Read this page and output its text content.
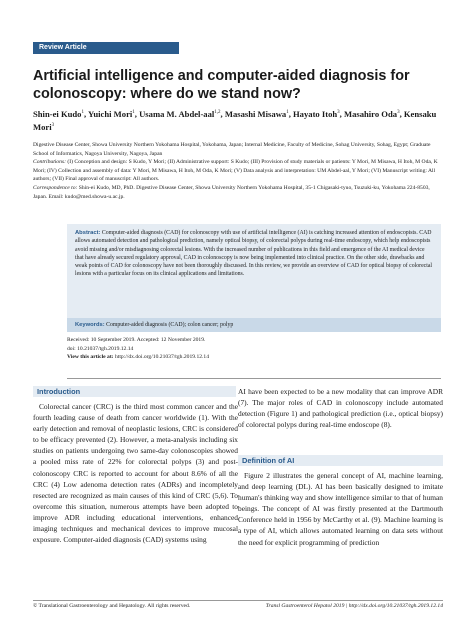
Review Article
Artificial intelligence and computer-aided diagnosis for colonoscopy: where do we stand now?
Shin-ei Kudo$^1$, Yuichi Mori$^1$, Usama M. Abdel-aal$^{1,2}$, Masashi Misawa$^1$, Hayato Itoh$^3$, Masahiro Oda$^3$, Kensaku Mori$^3$

Digestive Disease Center, Showa University Northern Yokohama Hospital, Yokohama, Japan; Internal Medicine, Faculty of Medicine, Sohag University, Sohag, Egypt; Graduate School of Informatics, Nagoya University, Nagoya, Japan

Contributions: (I) Conception and design: S Kudo, Y Mori; (II) Administrative support: S Kudo; (III) Provision of study materials or patients: Y Mori, M Misawa, H Itoh, M Oda, K Mori; (IV) Collection and assembly of data: Y Mori, M Misawa, H Itoh, M Oda, K Mori; (V) Data analysis and interpretation: UM Abdel-aal, Y Mori; (VI) Manuscript writing: All authors; (VII) Final approval of manuscript: All authors.

Correspondence to: Shin-ei Kudo, MD, PhD. Digestive Disease Center, Showa University Northern Yokohama Hospital, 35-1 Chigasaki-tyuo, Tsuzuki-ku, Yokohama 224-8503, Japan. Email: kudo@med.showa-u.ac.jp.

Abstract: Computer-aided diagnosis (CAD) for colonoscopy with use of artificial intelligence (AI) is catching increased attention of endoscopists. CAD allows automated detection and pathological prediction, namely optical biopsy, of colorectal polyps during real-time endoscopy, which help endoscopists avoid missing and/or misdiagnosing colorectal lesions. With the increased number of publications in this field and emergence of the AI medical device that have already secured regulatory approval, CAD in colonoscopy is now being implemented into clinical practice. On the other side, drawbacks and weak points of CAD for colonoscopy have not been thoroughly discussed. In this review, we provide an overview of CAD for optical biopsy of colorectal lesions with a particular focus on its clinical applications and limitations.
Keywords: Computer-aided diagnosis (CAD); colon cancer; polyp

Received: 10 September 2019. Accepted: 12 November 2019.

doi: 10.21037/tgh.2019.12.14

View this article at: http://dx.doi.org/10.21037/tgh.2019.12.14

Introduction

Colorectal cancer (CRC) is the third most common cancer and the fourth leading cause of death from cancer worldwide (1). With the early detection and removal of neoplastic lesions, CRC is considered to be efficacy prevented (2). However, a meta-analysis including six studies on patients undergoing two same-day colonoscopies showed a pooled miss rate of 22% for colorectal polyps (3) and post-colonoscopy CRC is reported to account for about 8.6% of all the CRC (4) Low adenoma detection rates (ADRs) and incompletely resected are recognized as main causes of this kind of CRC (5,6). To overcome this situation, numerous attempts have been adopted to improve ADR including educational interventions, enhanced imaging techniques and mechanical devices to improve mucosal exposure. Computer-aided diagnosis (CAD) systems using

AI have been expected to be a new modality that can improve ADR (7). The major roles of CAD in colonoscopy include automated detection (Figure 1) and pathological prediction (i.e., optical biopsy) of colorectal polyps during real-time endoscope (8).

Definition of AI

Figure 2 illustrates the general concept of AI, machine learning, and deep learning (DL). AI has been basically designed to imitate human's thinking way and show intelligence similar to that of human beings. The concept of AI was firstly presented at the Dartmouth Conference held in 1956 by McCarthy et al. (9). Machine learning is a type of AI, which allows automated learning on data sets without the need for explicit programming of prediction

© Translational Gastroenterology and Hepatology. All rights reserved.	Transl Gastroenterol Hepatol 2019 | http://dx.doi.org/10.21037/tgh.2019.12.14
